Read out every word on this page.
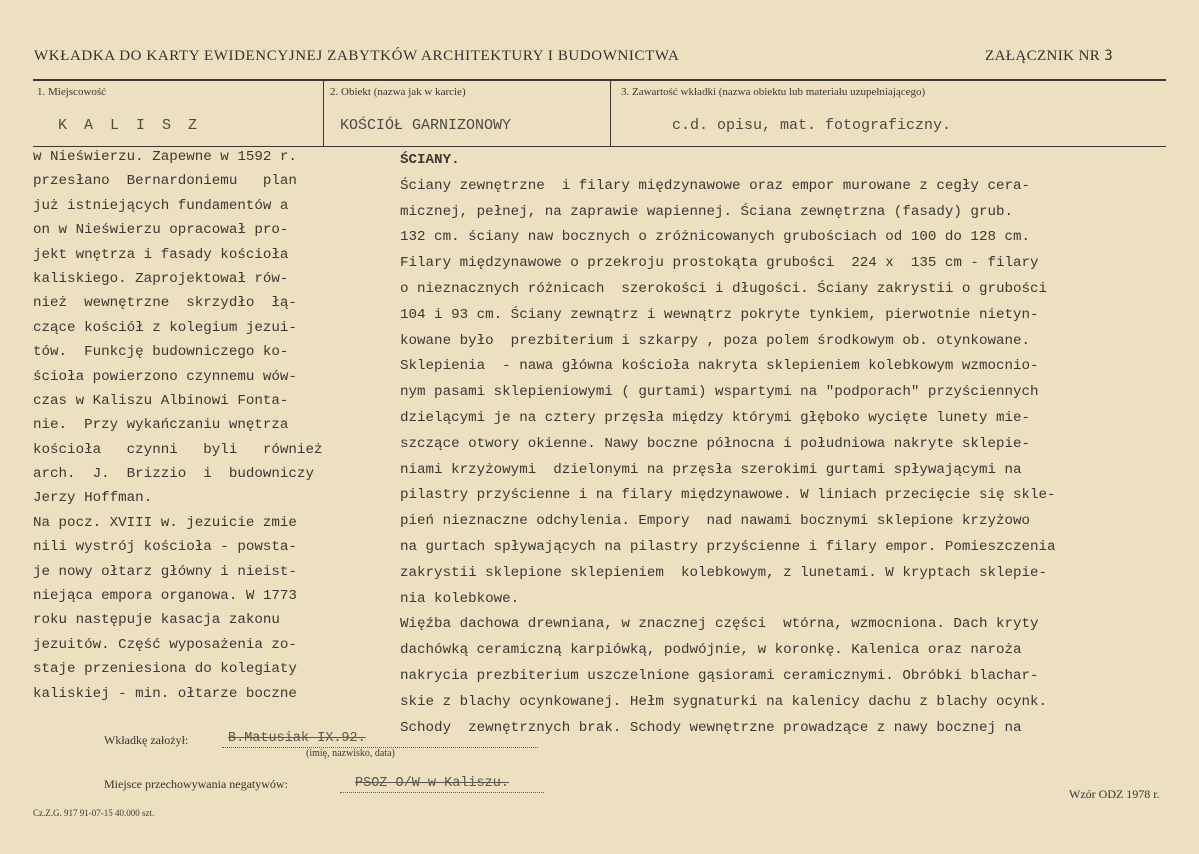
WKŁADKA DO KARTY EWIDENCYJNEJ ZABYTKÓW ARCHITEKTURY I BUDOWNICTWA	ZAŁĄCZNIK NR 3
1. Miejscowość
K A L I S Z
2. Obiekt (nazwa jak w karcie)
KOŚCIÓŁ GARNIZONOWY
3. Zawartość wkładki (nazwa obiektu lub materiału uzupełniającego)
c.d. opisu, mat. fotograficzny.
w Nieświerzu. Zapewne w 1592 r.
przesłano  Bernardoniemu   plan
już istniejących fundamentów a
on w Nieświerzu opracował pro-
jekt wnętrza i fasady kościoła
kaliskiego. Zaprojektował rów-
nież  wewnętrzne  skrzydło  łą-
czące kościół z kolegium jezui-
tów.  Funkcję budowniczego ko-
ścioła powierzono czynnemu wów-
czas w Kaliszu Albinowi Fonta-
nie.  Przy wykańczaniu wnętrza
kościoła   czynni   byli   również
arch.  J.  Brizzio  i  budowniczy
Jerzy Hoffman.
Na pocz. XVIII w. jezuicie zmie
nili wystrój kościoła - powsta-
je nowy ołtarz główny i nieist-
niejąca empora organowa. W 1773
roku następuje kasacja zakonu
jezuitów. Część wyposażenia zo-
staje przeniesiona do kolegiaty
kaliskiej - min. ołtarze boczne
ŚCIANY.
Ściany zewnętrzne  i filary międzynawowe oraz empor murowane z cegły cera-
micznej, pełnej, na zaprawie wapiennej. Ściana zewnętrzna (fasady) grub.
132 cm. ściany naw bocznych o zróżnicowanych grubościach od 100 do 128 cm.
Filary międzynawowe o przekroju prostokąta grubości  224 x  135 cm - filary
o nieznacznych różnicach  szerokości i długości. Ściany zakrystii o grubości
104 i 93 cm. Ściany zewnątrz i wewnątrz pokryte tynkiem, pierwotnie nietyn-
kowane było  prezbiterium i szkarpy , poza polem środkowym ob. otynkowane.
Sklepienia  - nawa główna kościoła nakryta sklepieniem kolebkowym wzmocnio-
nym pasami sklepieniowymi ( gurtami) wspartymi na "podporach" przyściennych
dzielącymi je na cztery przęsła między którymi głęboko wycięte lunety mie-
szczące otwory okienne. Nawy boczne północna i południowa nakryte sklepie-
niami krzyżowymi  dzielonymi na przęsła szerokimi gurtami spływającymi na
pilastry przyścienne i na filary międzynawowe. W liniach przecięcie się skle-
pień nieznaczne odchylenia. Empory  nad nawami bocznymi sklepione krzyżowo
na gurtach spływających na pilastry przyścienne i filary empor. Pomieszczenia
zakrystii sklepione sklepieniem  kolebkowym, z lunetami. W kryptach sklepie-
nia kolebkowe.
Więźba dachowa drewniana, w znacznej części  wtórna, wzmocniona. Dach kryty
dachówką ceramiczną karpiówką, podwójnie, w koronkę. Kalenica oraz naroża
nakrycia prezbiterium uszczelnione gąsiorami ceramicznymi. Obróbki blachar-
skie z blachy ocynkowanej. Hełm sygnaturki na kalenicy dachu z blachy ocynk.
Schody  zewnętrznych brak. Schody wewnętrzne prowadzące z nawy bocznej na
Wkładkę założył:	B.Matusiak IX.92.
(imię, nazwisko, data)
Miejsce przechowywania negatywów:	PSOZ O/W w Kaliszu.
Cz.Z.G. 917 91-07-15 40.000 szt.
Wzór ODZ 1978 r.
